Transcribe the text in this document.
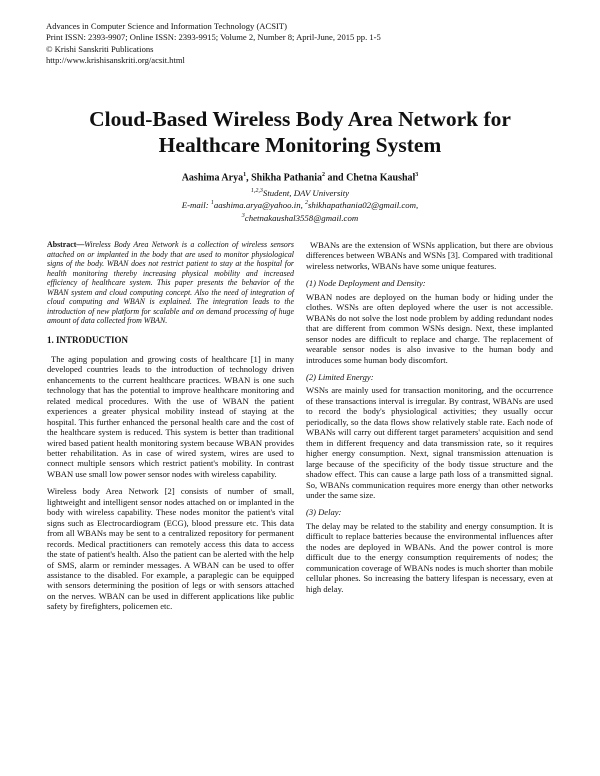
Advances in Computer Science and Information Technology (ACSIT)
Print ISSN: 2393-9907; Online ISSN: 2393-9915; Volume 2, Number 8; April-June, 2015 pp. 1-5
© Krishi Sanskriti Publications
http://www.krishisanskriti.org/acsit.html
Cloud-Based Wireless Body Area Network for
Healthcare Monitoring System
Aashima Arya$^1$, Shikha Pathania$^2$ and Chetna Kaushal$^3$
$^{1,2,3}$Student, DAV University
E-mail: $^1$aashima.arya@yahoo.in, $^2$shikhapathania02@gmail.com,
$^3$chetnakaushal3558@gmail.com

Abstract—Wireless Body Area Network is a collection of wireless sensors attached on or implanted in the body that are used to monitor physiological signs of the body. WBAN does not restrict patient to stay at the hospital for health monitoring thereby increasing physical mobility and increased efficiency of healthcare system. This paper presents the behavior of the WBAN system and cloud computing concept. Also the need of integration of cloud computing and WBAN is explained. The integration leads to the introduction of new platform for scalable and on demand processing of huge amount of data collected from WBAN.

1. INTRODUCTION

The aging population and growing costs of healthcare [1] in many developed countries leads to the introduction of technology driven enhancements to the current healthcare practices. WBAN is one such technology that has the potential to improve healthcare monitoring and related medical procedures. With the use of WBAN the patient experiences a greater physical mobility instead of staying at the hospital. This further enhanced the personal health care and the cost of the healthcare system is reduced. This system is better than traditional wired based patient health monitoring system because WBAN provides better rehabilitation. As in case of wired system, wires are used to connect multiple sensors which restrict patient's mobility. In contrast WBAN use small low power sensor nodes with wireless capability.

Wireless body Area Network [2] consists of number of small, lightweight and intelligent sensor nodes attached on or implanted in the body with wireless capability. These nodes monitor the patient's vital signs such as Electrocardiogram (ECG), blood pressure etc. This data from all WBANs may be sent to a centralized repository for permanent records. Medical practitioners can remotely access this data to access the state of patient's health. Also the patient can be alerted with the help of SMS, alarm or reminder messages. A WBAN can be used to offer assistance to the disabled. For example, a paraplegic can be equipped with sensors determining the position of legs or with sensors attached on the nerves. WBAN can be used in different applications like public safety by firefighters, policemen etc.

WBANs are the extension of WSNs application, but there are obvious differences between WBANs and WSNs [3]. Compared with traditional wireless networks, WBANs have some unique features.

(1) Node Deployment and Density:

WBAN nodes are deployed on the human body or hiding under the clothes. WSNs are often deployed where the user is not accessible. WBANs do not solve the lost node problem by adding redundant nodes that are different from common WSNs design. Next, these implanted sensor nodes are difficult to replace and charge. The replacement of wearable sensor nodes is also invasive to the human body and introduces some human body discomfort.

(2) Limited Energy:

WSNs are mainly used for transaction monitoring, and the occurrence of these transactions interval is irregular. By contrast, WBANs are used to record the body's physiological activities; they usually occur periodically, so the data flows show relatively stable rate. Each node of WBANs will carry out different target parameters' acquisition and send them in different frequency and data transmission rate, so it requires higher energy consumption. Next, signal transmission attenuation is large because of the specificity of the body tissue structure and the shadow effect. This can cause a large path loss of a transmitted signal. So, WBANs communication requires more energy than other networks under the same size.

(3) Delay:

The delay may be related to the stability and energy consumption. It is difficult to replace batteries because the environmental influences after the nodes are deployed in WBANs. And the power control is more difficult due to the energy consumption requirements of nodes; the communication coverage of WBANs nodes is much shorter than mobile cellular phones. So increasing the battery lifespan is necessary, even at high delay.
